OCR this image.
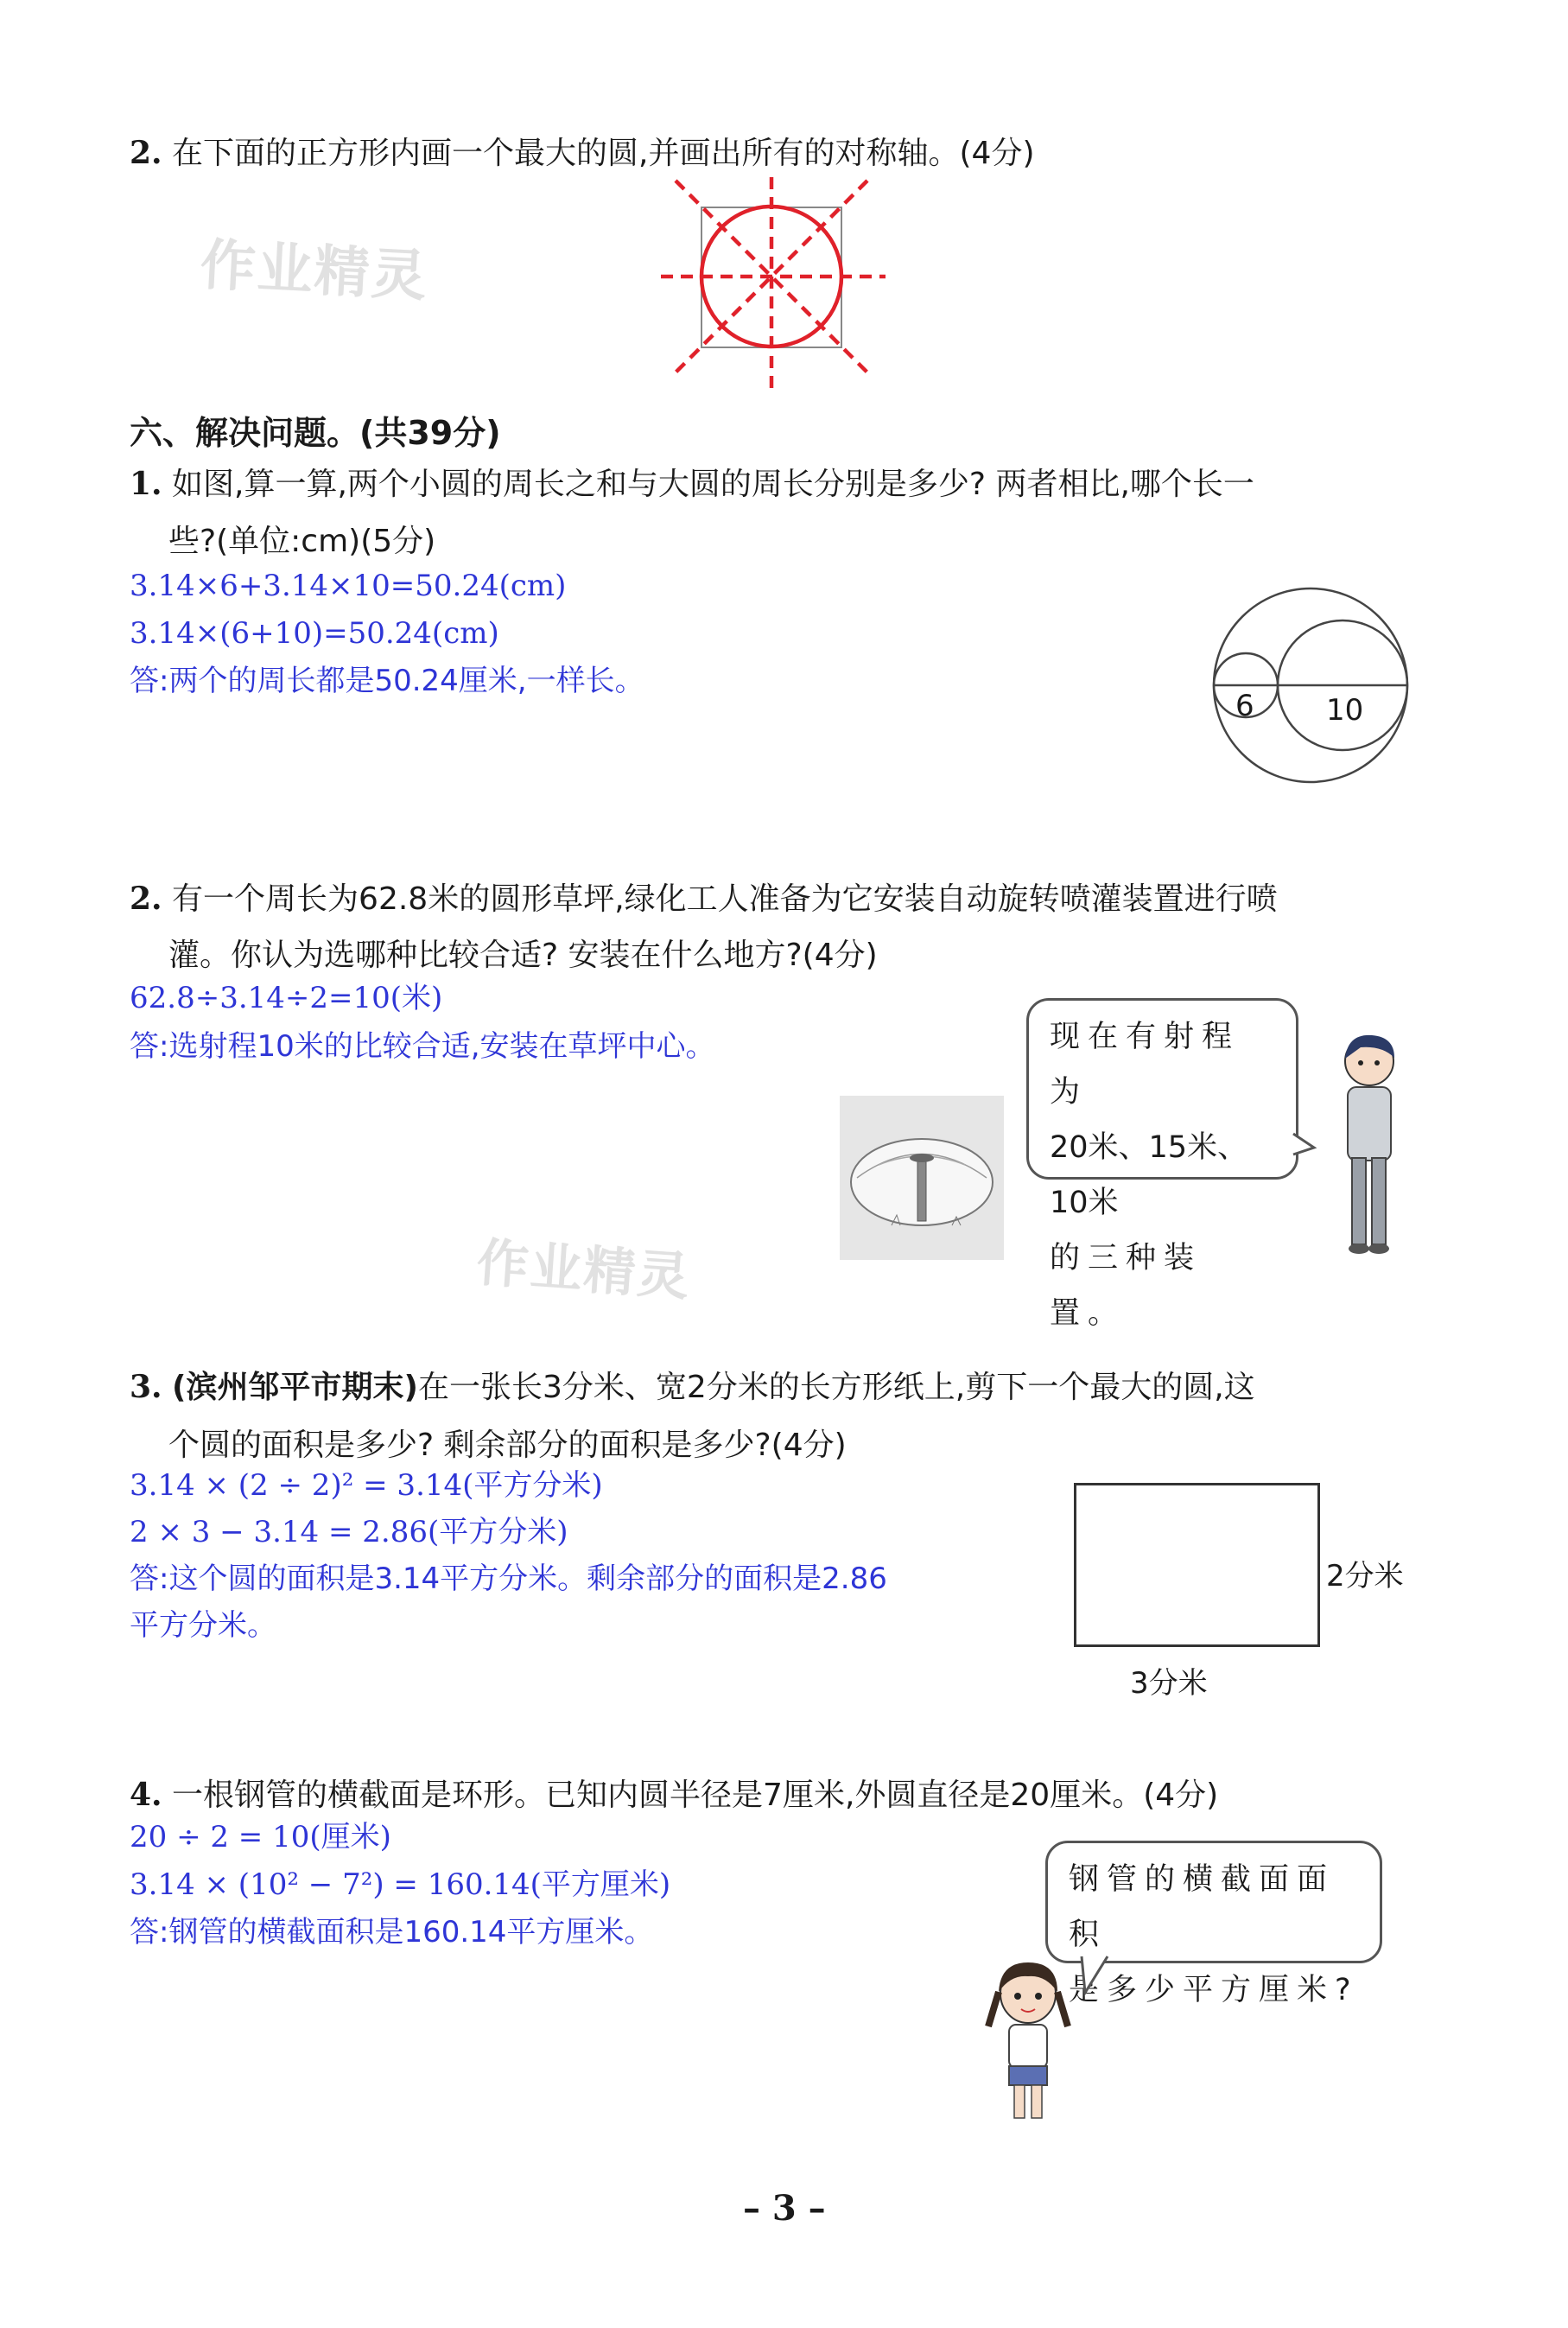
作业精灵
作业精灵
2. 在下面的正方形内画一个最大的圆,并画出所有的对称轴。(4分)
六、解决问题。(共39分)
1. 如图,算一算,两个小圆的周长之和与大圆的周长分别是多少? 两者相比,哪个长一
些?(单位:cm)(5分)
3.14×6+3.14×10=50.24(cm)
3.14×(6+10)=50.24(cm)
答:两个的周长都是50.24厘米,一样长。
6 10
2. 有一个周长为62.8米的圆形草坪,绿化工人准备为它安装自动旋转喷灌装置进行喷
灌。你认为选哪种比较合适? 安装在什么地方?(4分)
62.8÷3.14÷2=10(米)
答:选射程10米的比较合适,安装在草坪中心。	现在有射程为
20米、15米、10米
的三种装置。
3. (滨州邹平市期末)在一张长3分米、宽2分米的长方形纸上,剪下一个最大的圆,这
个圆的面积是多少? 剩余部分的面积是多少?(4分)
3.14 × (2 ÷ 2)² = 3.14(平方分米)
2 × 3 − 3.14 = 2.86(平方分米)
答:这个圆的面积是3.14平方分米。剩余部分的面积是2.86
平方分米。
2分米
3分米
4. 一根钢管的横截面是环形。已知内圆半径是7厘米,外圆直径是20厘米。(4分)
20 ÷ 2 = 10(厘米)
3.14 × (10² − 7²) = 160.14(平方厘米)
答:钢管的横截面积是160.14平方厘米。
钢管的横截面面积
是多少平方厘米?
– 3 –
